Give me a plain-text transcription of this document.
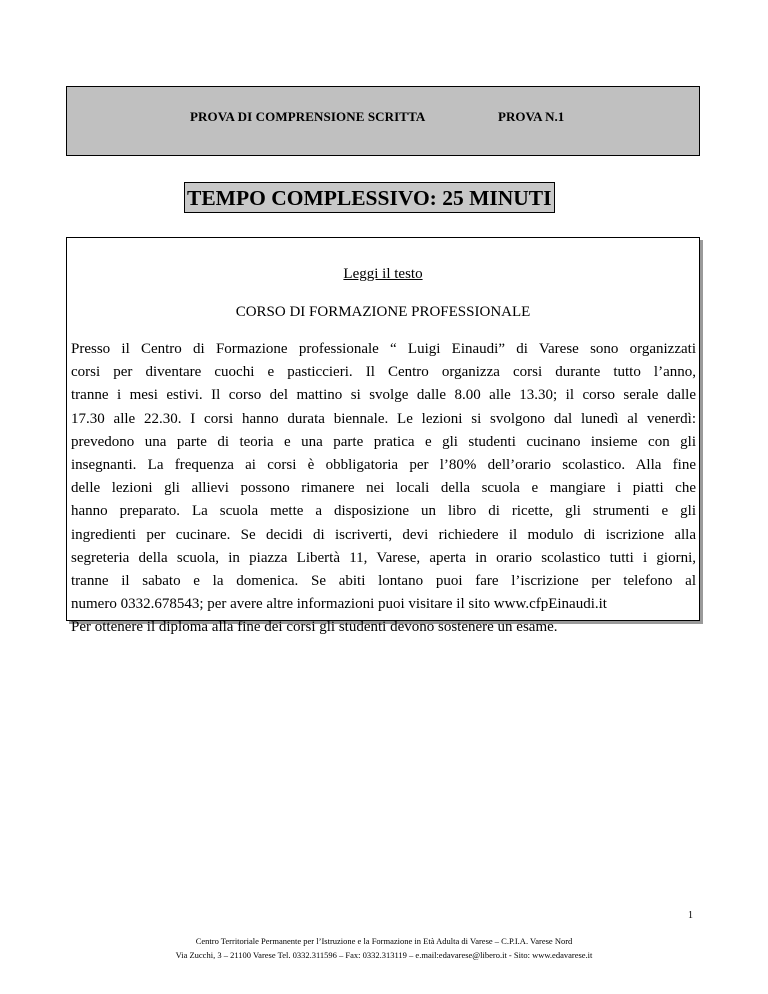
PROVA DI COMPRENSIONE SCRITTA	PROVA N.1
TEMPO COMPLESSIVO: 25 MINUTI
Leggi il testo
CORSO DI FORMAZIONE PROFESSIONALE
Presso il Centro di Formazione professionale “ Luigi Einaudi” di Varese sono organizzati
corsi per diventare cuochi e pasticcieri. Il Centro organizza corsi durante tutto l’anno,
tranne i mesi estivi. Il corso del mattino si svolge dalle 8.00 alle 13.30; il corso serale dalle
17.30 alle 22.30. I corsi hanno durata biennale. Le lezioni si svolgono dal lunedì al venerdì:
prevedono una parte di teoria e una parte pratica e gli studenti cucinano insieme con gli
insegnanti. La frequenza ai corsi è obbligatoria per l’80% dell’orario scolastico. Alla fine
delle lezioni gli allievi possono rimanere nei locali della scuola e mangiare i piatti che
hanno preparato. La scuola mette a disposizione un libro di ricette, gli strumenti e gli
ingredienti per cucinare. Se decidi di iscriverti, devi richiedere il modulo di iscrizione alla
segreteria della scuola, in piazza Libertà 11, Varese, aperta in orario scolastico tutti i giorni,
tranne il sabato e la domenica. Se abiti lontano puoi fare l’iscrizione per telefono al
numero 0332.678543; per avere altre informazioni puoi visitare il sito www.cfpEinaudi.it
Per ottenere il diploma alla fine dei corsi gli studenti devono sostenere un esame.
1
Centro Territoriale Permanente per l’Istruzione e la Formazione in Età Adulta di Varese – C.P.I.A. Varese Nord
Via Zucchi, 3 – 21100 Varese Tel. 0332.311596 – Fax: 0332.313119 – e.mail:edavarese@libero.it - Sito: www.edavarese.it
